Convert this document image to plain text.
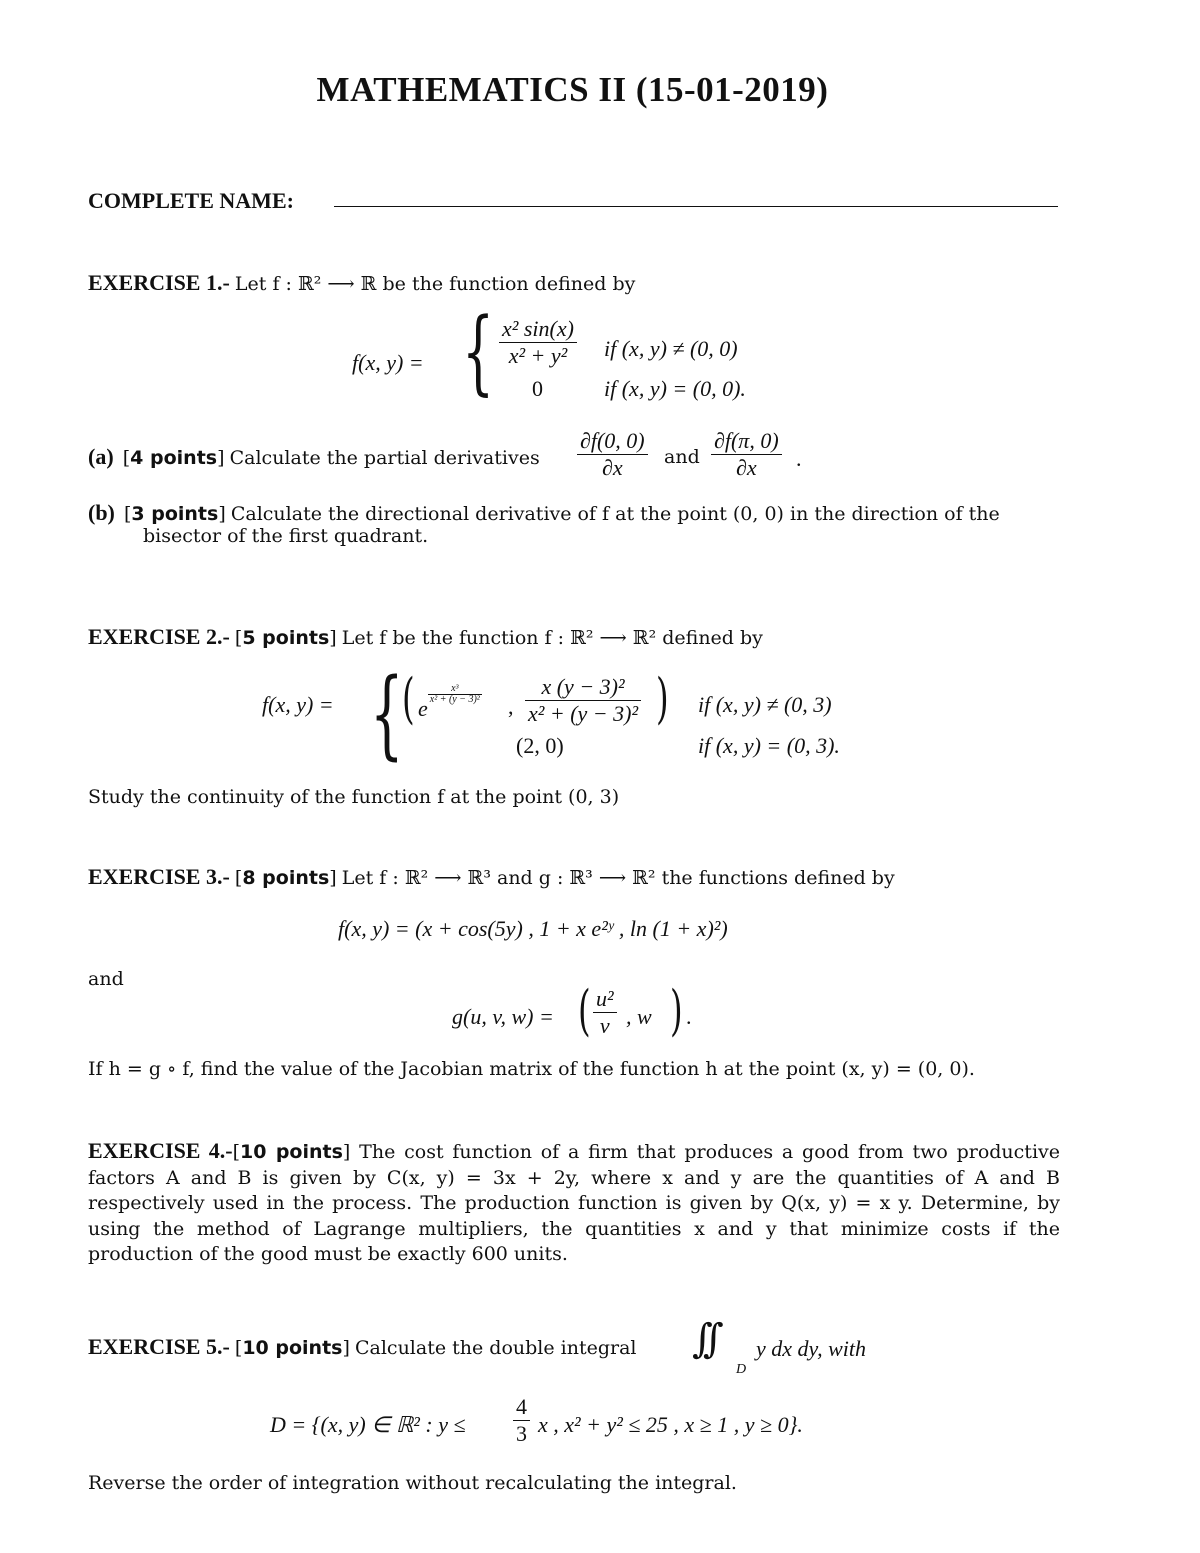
MATHEMATICS II (15-01-2019)
COMPLETE NAME:
EXERCISE 1.- Let f : ℝ² ⟶ ℝ be the function defined by
f(x, y) = { $\frac{\text{x² sin(x)}}{\text{x² + y²}}$ if (x, y) ≠ (0, 0)
0	if (x, y) = (0, 0).
(a) [4 points] Calculate the partial derivatives $\frac{\partial f(0, 0)}{\partial x}$ and $\frac{\partial f(\pi, 0)}{\partial x}$ .
(b) [3 points] Calculate the directional derivative of f at the point (0, 0) in the direction of the
bisector of the first quadrant.
EXERCISE 2.- [5 points] Let f be the function f : ℝ² ⟶ ℝ² defined by
f(x, y) = {
( e
$\frac{\text{x³}}{\text{x² + (y − 3)²}}$ , $\frac{\text{x (y − 3)²}}{\text{x² + (y − 3)²}}$ ) if (x, y) ≠ (0, 3)
(2, 0)	if (x, y) = (0, 3).
Study the continuity of the function f at the point (0, 3)
EXERCISE 3.- [8 points] Let f : ℝ² ⟶ ℝ³ and g : ℝ³ ⟶ ℝ² the functions defined by
f(x, y) = (x + cos(5y) , 1 + x e²ʸ , ln (1 + x)²)
and
g(u, v, w) = ( $\frac{\text{u²}}{v}$ , w ) .
If h = g ∘ f, find the value of the Jacobian matrix of the function h at the point (x, y) = (0, 0).
EXERCISE 4.-[10 points] The cost function of a firm that produces a good from two productive factors A and B is given by C(x, y) = 3x + 2y, where x and y are the quantities of A and B respectively used in the process. The production function is given by Q(x, y) = x y. Determine, by using the method of Lagrange multipliers, the quantities x and y that minimize costs if the production of the good must be exactly 600 units.
EXERCISE 5.- [10 points] Calculate the double integral ∫∫
D
y dx dy, with
D = {(x, y) ∈ ℝ² : $y \le \frac{4}{3}$ x , x² + y² ≤ 25 , x ≥ 1 , y ≥ 0}.
Reverse the order of integration without recalculating the integral.
